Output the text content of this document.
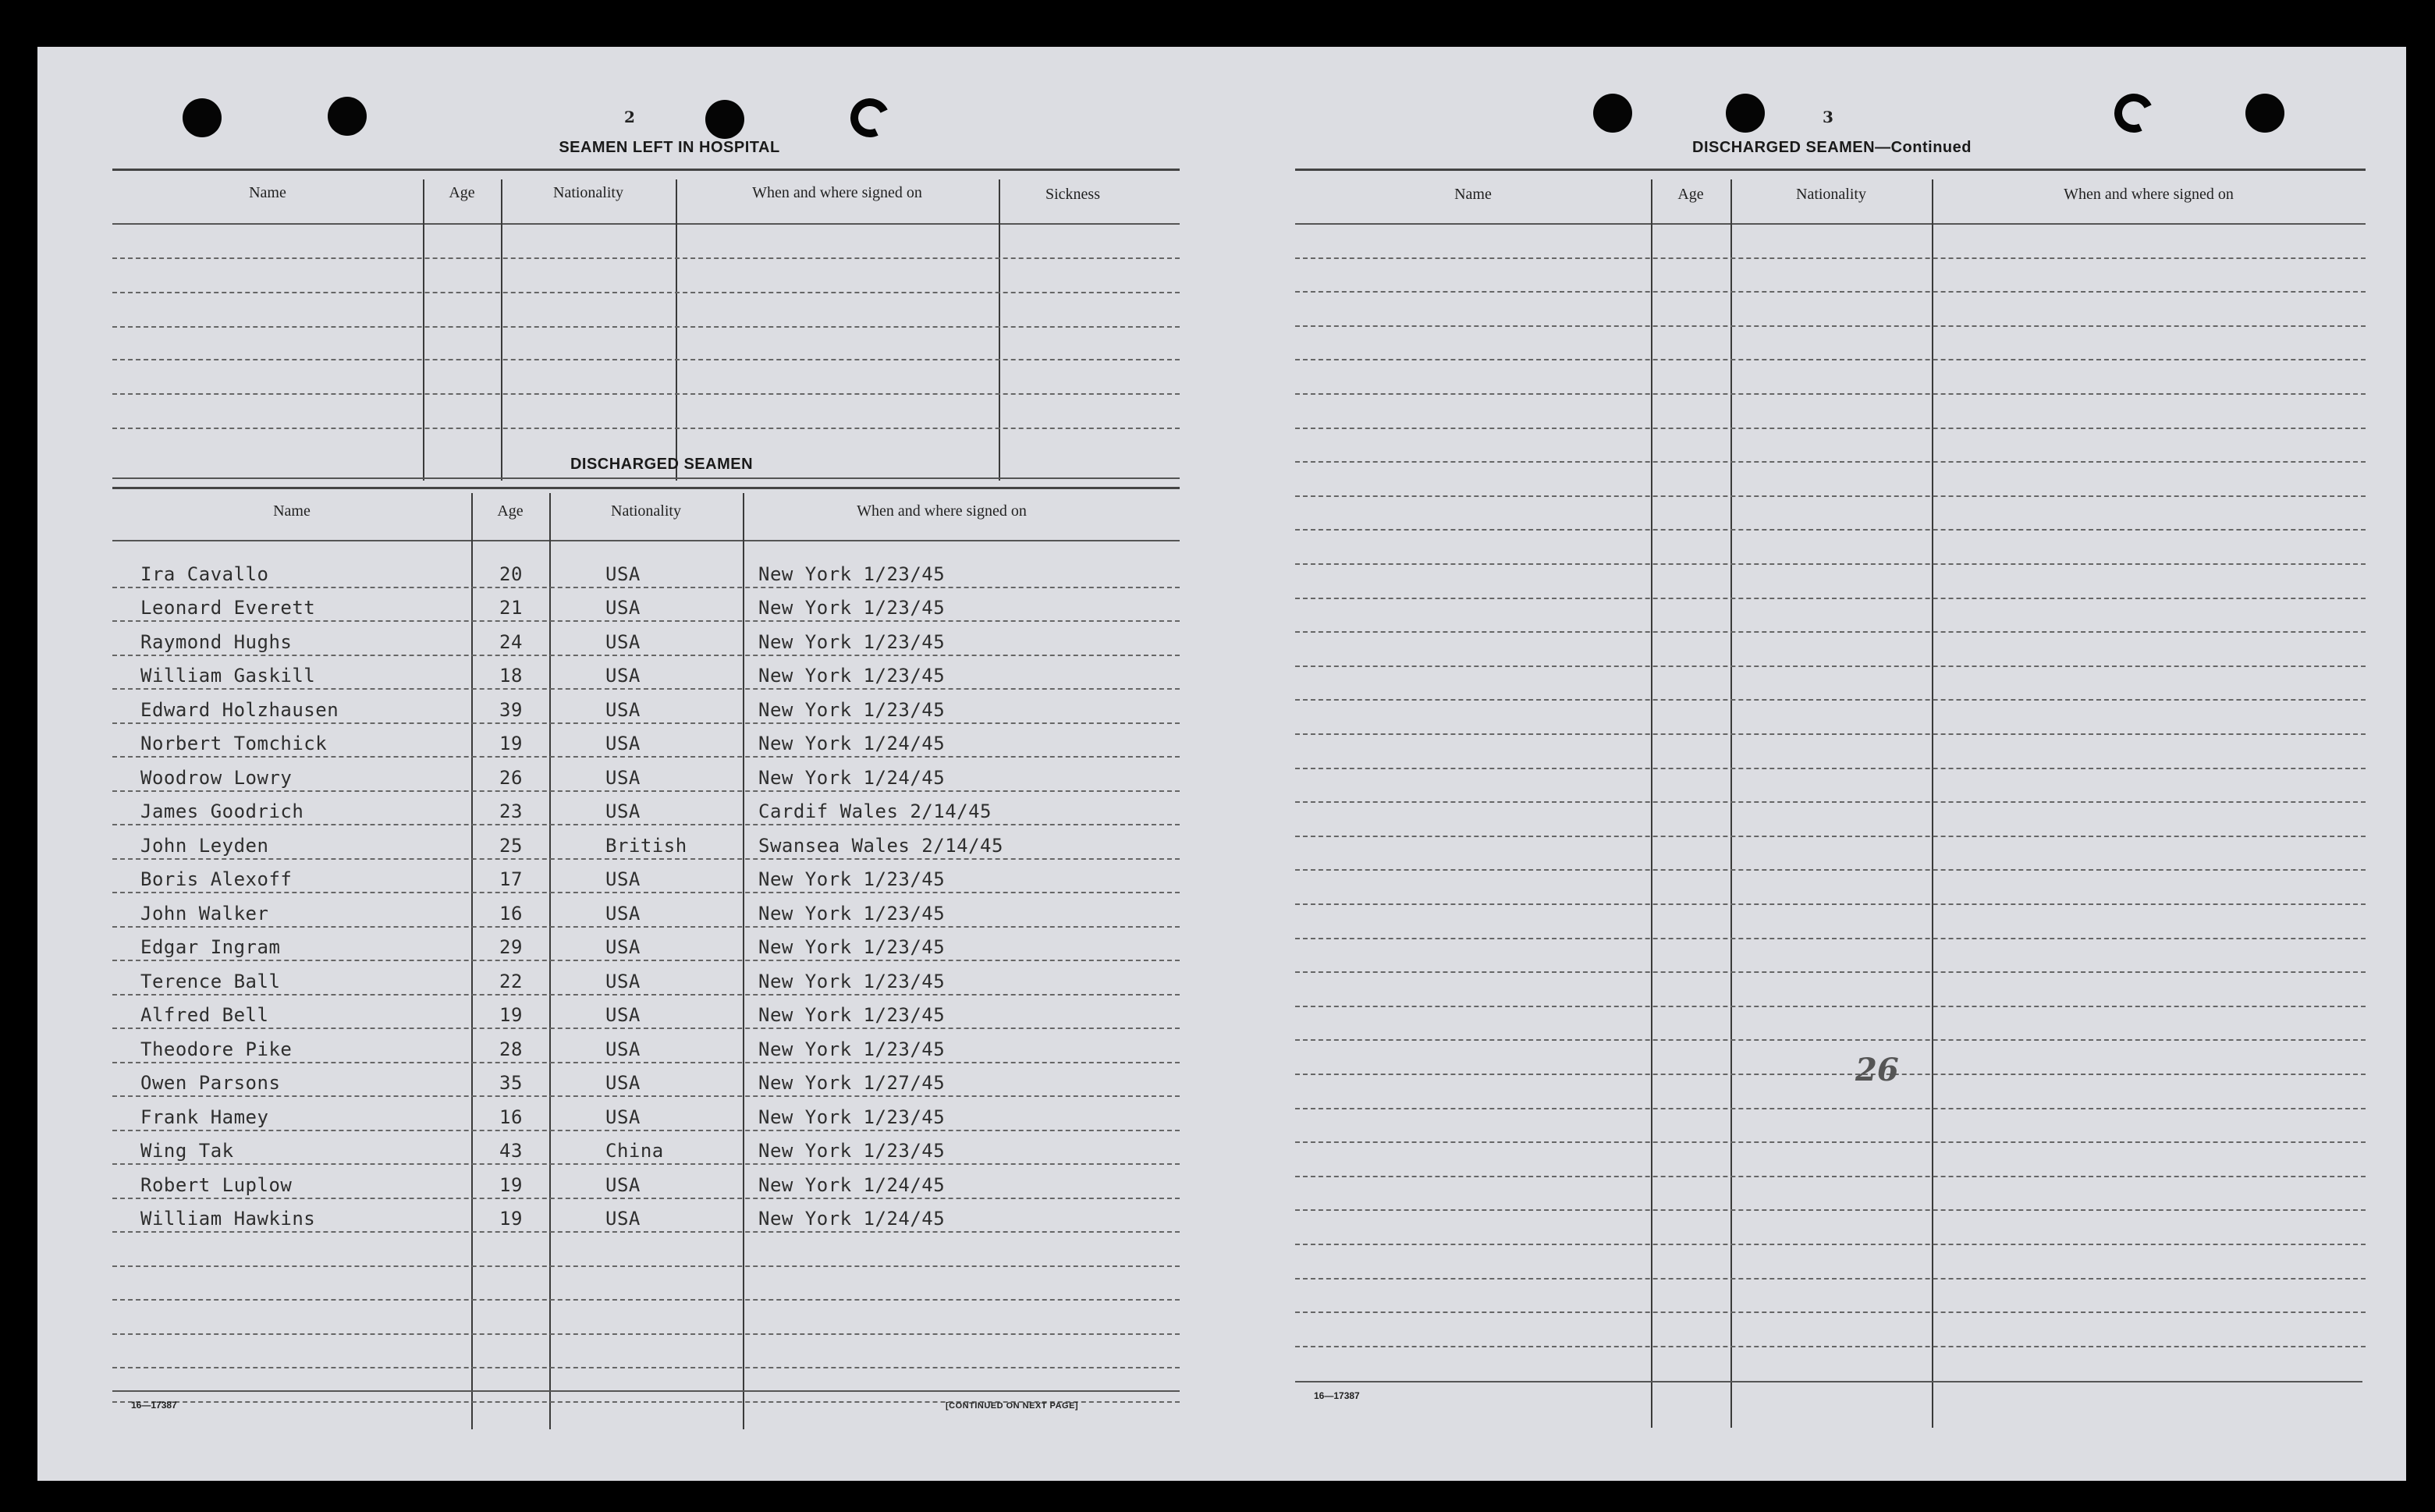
2
SEAMEN LEFT IN HOSPITAL
Name	Age	Nationality	When and where signed on	Sickness
DISCHARGED SEAMEN
Name	Age	Nationality	When and where signed on
Ira Cavallo	20	USA	New York 1/23/45
Leonard Everett	21	USA	New York 1/23/45
Raymond Hughs	24	USA	New York 1/23/45
William Gaskill	18	USA	New York 1/23/45
Edward Holzhausen	39	USA	New York 1/23/45
Norbert Tomchick	19	USA	New York 1/24/45
Woodrow Lowry	26	USA	New York 1/24/45
James Goodrich	23	USA	Cardif Wales 2/14/45
John Leyden	25	British	Swansea Wales 2/14/45
Boris Alexoff	17	USA	New York 1/23/45
John Walker	16	USA	New York 1/23/45
Edgar Ingram	29	USA	New York 1/23/45
Terence Ball	22	USA	New York 1/23/45
Alfred Bell	19	USA	New York 1/23/45
Theodore Pike	28	USA	New York 1/23/45
Owen Parsons	35	USA	New York 1/27/45
Frank Hamey	16	USA	New York 1/23/45
Wing Tak	43	China	New York 1/23/45
Robert Luplow	19	USA	New York 1/24/45
William Hawkins	19	USA	New York 1/24/45
16—17387	[CONTINUED ON NEXT PAGE]
3
DISCHARGED SEAMEN—Continued
Name	Age	Nationality	When and where signed on
26
16—17387
